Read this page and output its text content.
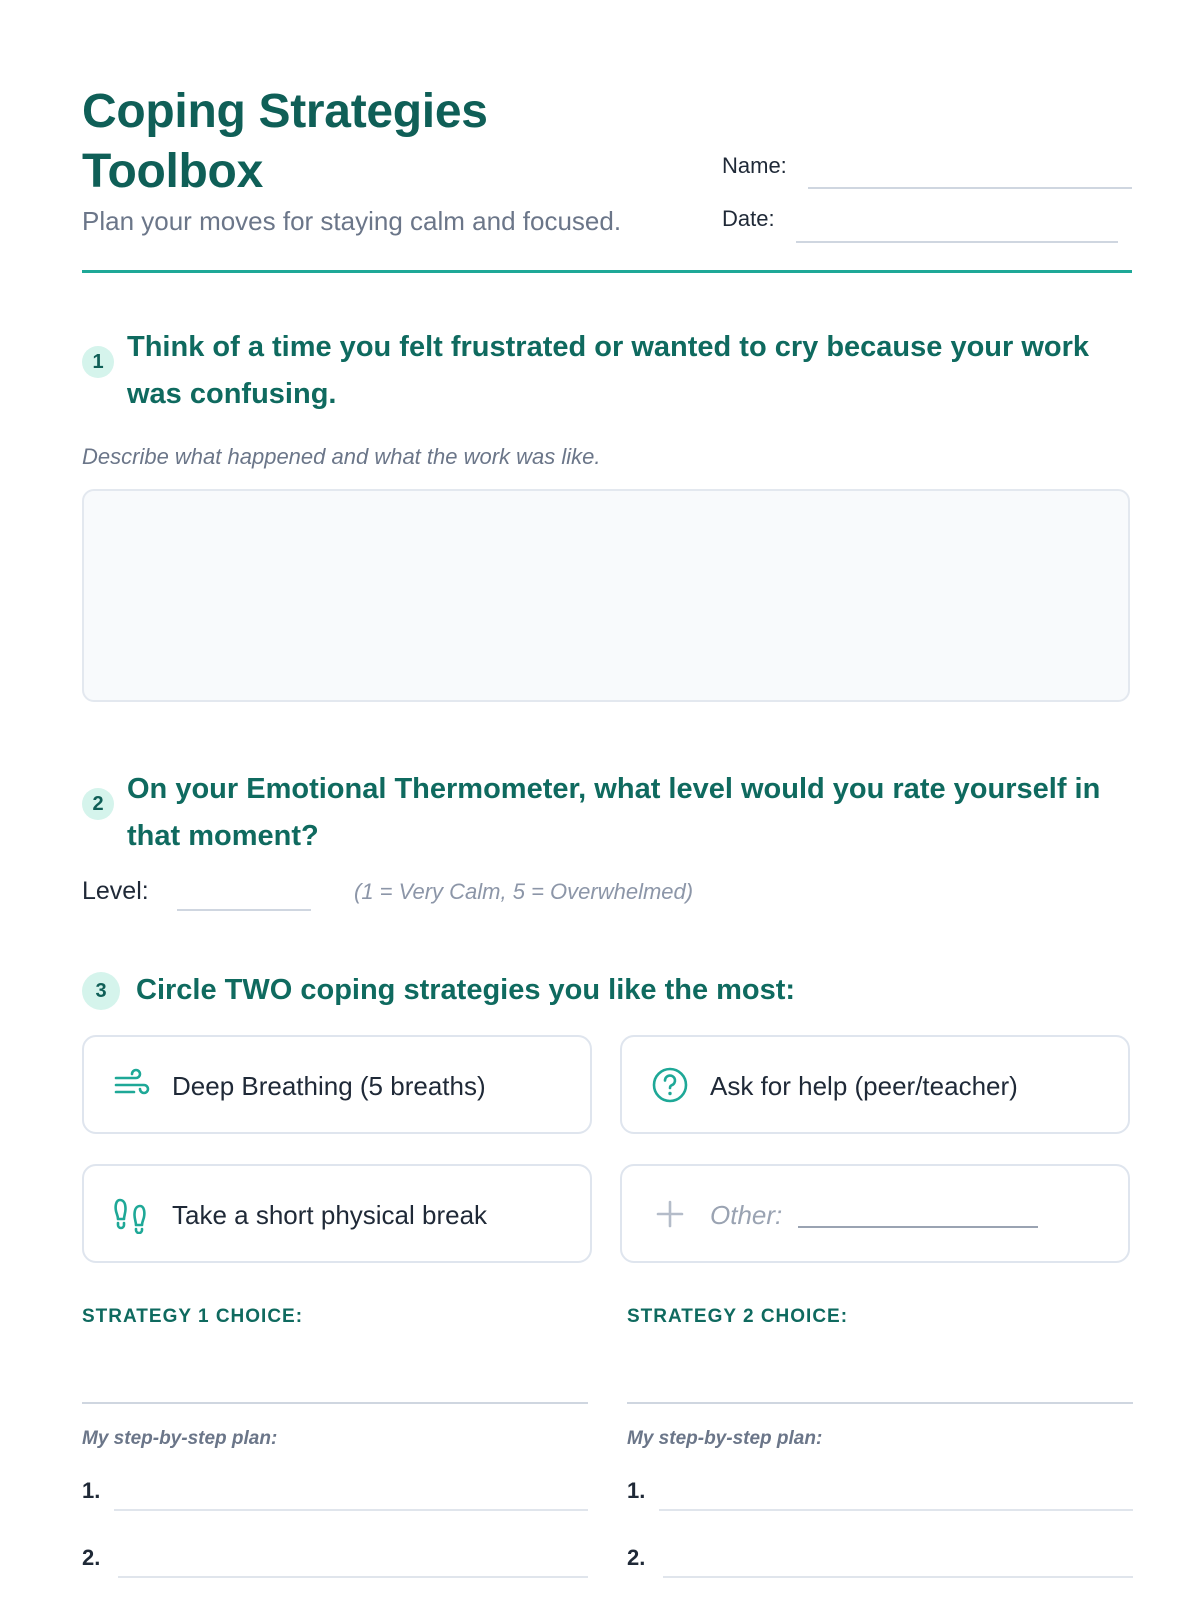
Coping Strategies Toolbox
Plan your moves for staying calm and focused.
Name:
Date:
1 Think of a time you felt frustrated or wanted to cry because your work was confusing.
Describe what happened and what the work was like.
2 On your Emotional Thermometer, what level would you rate yourself in that moment?
Level:	(1 = Very Calm, 5 = Overwhelmed)
3	Circle TWO coping strategies you like the most:
Deep Breathing (5 breaths)	Ask for help (peer/teacher)
Take a short physical break	Other:
STRATEGY 1 CHOICE:
My step-by-step plan:
1.
2.
STRATEGY 2 CHOICE:
My step-by-step plan:
1.
2.
